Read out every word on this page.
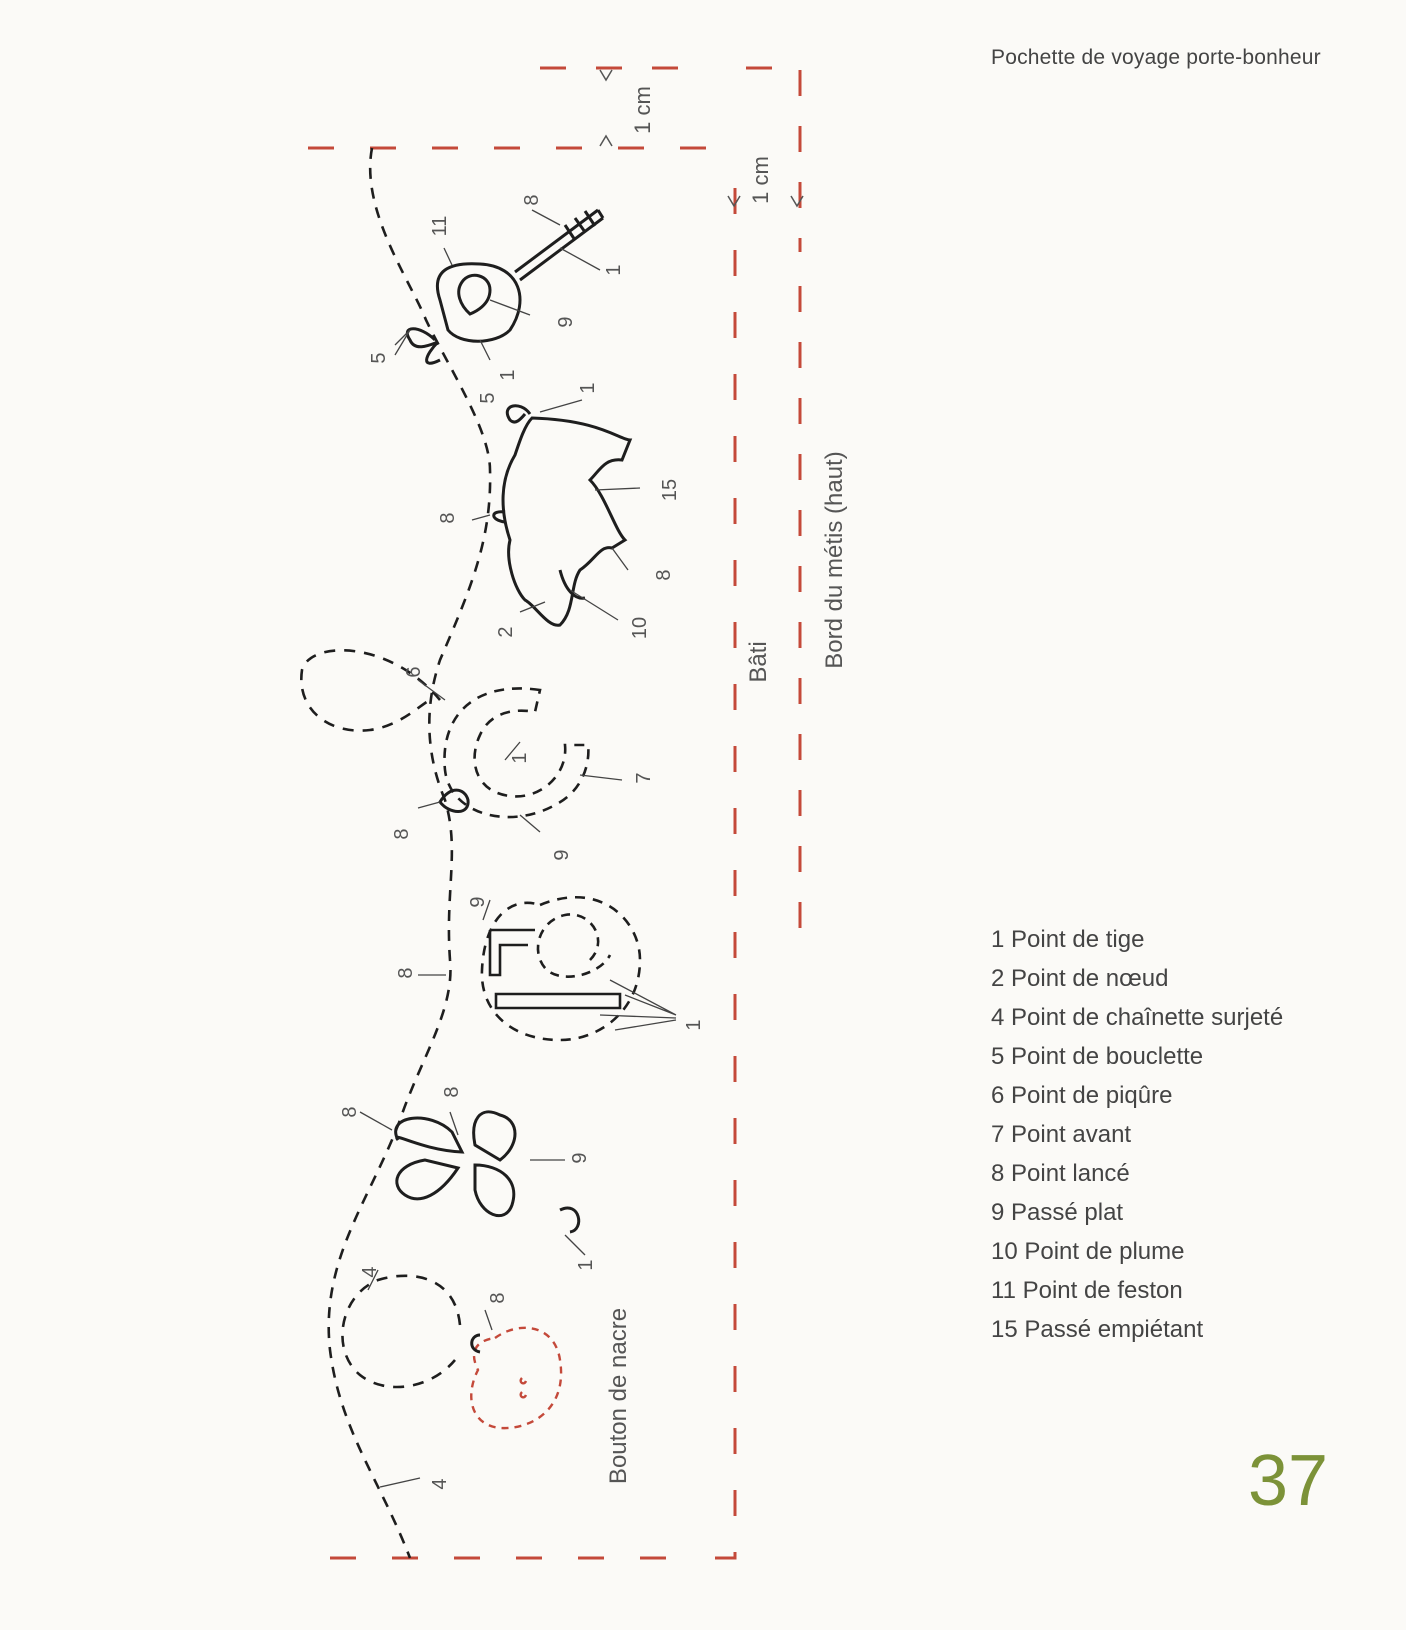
Pochette de voyage porte-bonheur
1 cm
1 cm
Bâti Bord du métis (haut)
Bouton de nacre
8
11
1
9
5
1
5
1
15
8
8
2	10
6
1
7
8
9
9
8
1
8
8
9
1
4
8
4
1 Point de tige
2 Point de nœud
4 Point de chaînette surjeté
5 Point de bouclette
6 Point de piqûre
7 Point avant
8 Point lancé
9 Passé plat
10 Point de plume
11 Point de feston
15 Passé empiétant
37
